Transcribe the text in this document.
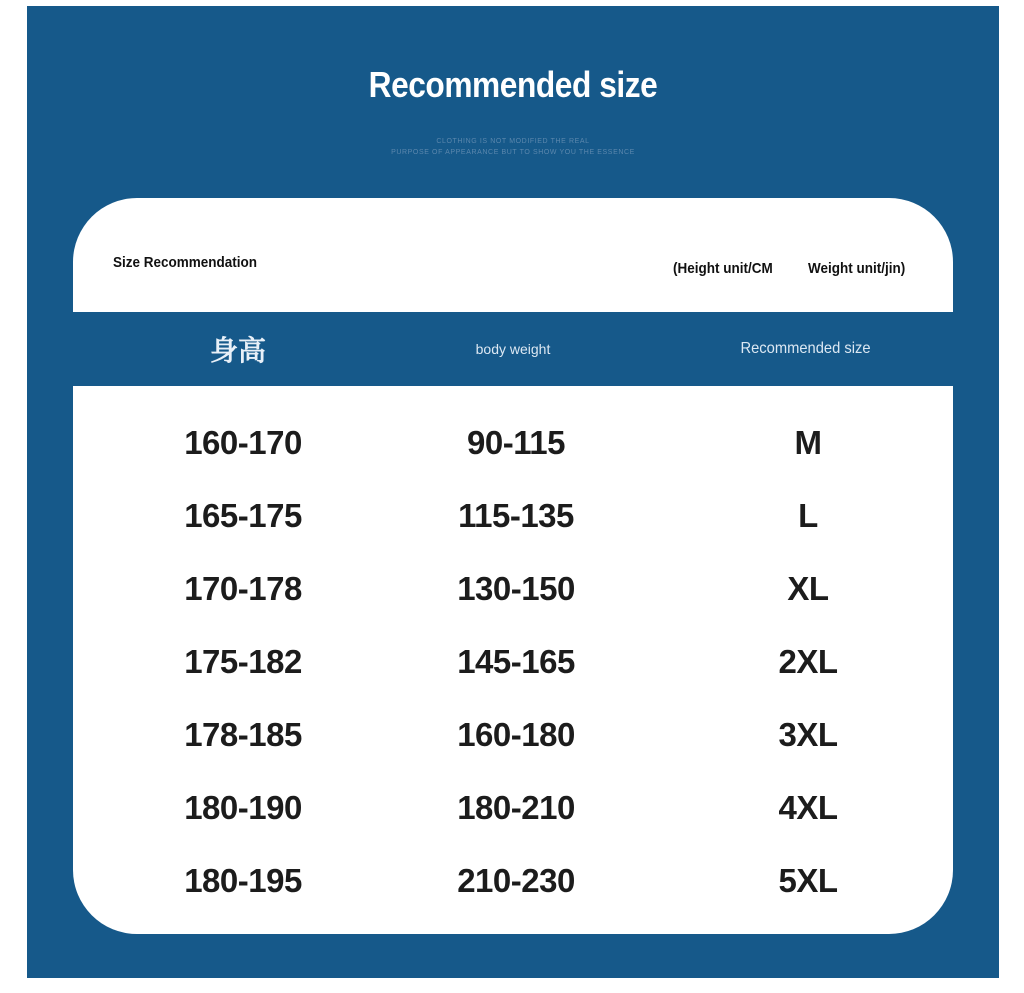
Recommended size
CLOTHING IS NOT MODIFIED THE REAL
PURPOSE OF APPEARANCE BUT TO SHOW YOU THE ESSENCE
Size Recommendation	(Height unit/CM Weight unit/jin)
身高	body weight	Recommended size
160-170	90-115	M
165-175	115-135	L
170-178	130-150	XL
175-182	145-165	2XL
178-185	160-180	3XL
180-190	180-210	4XL
180-195	210-230	5XL
